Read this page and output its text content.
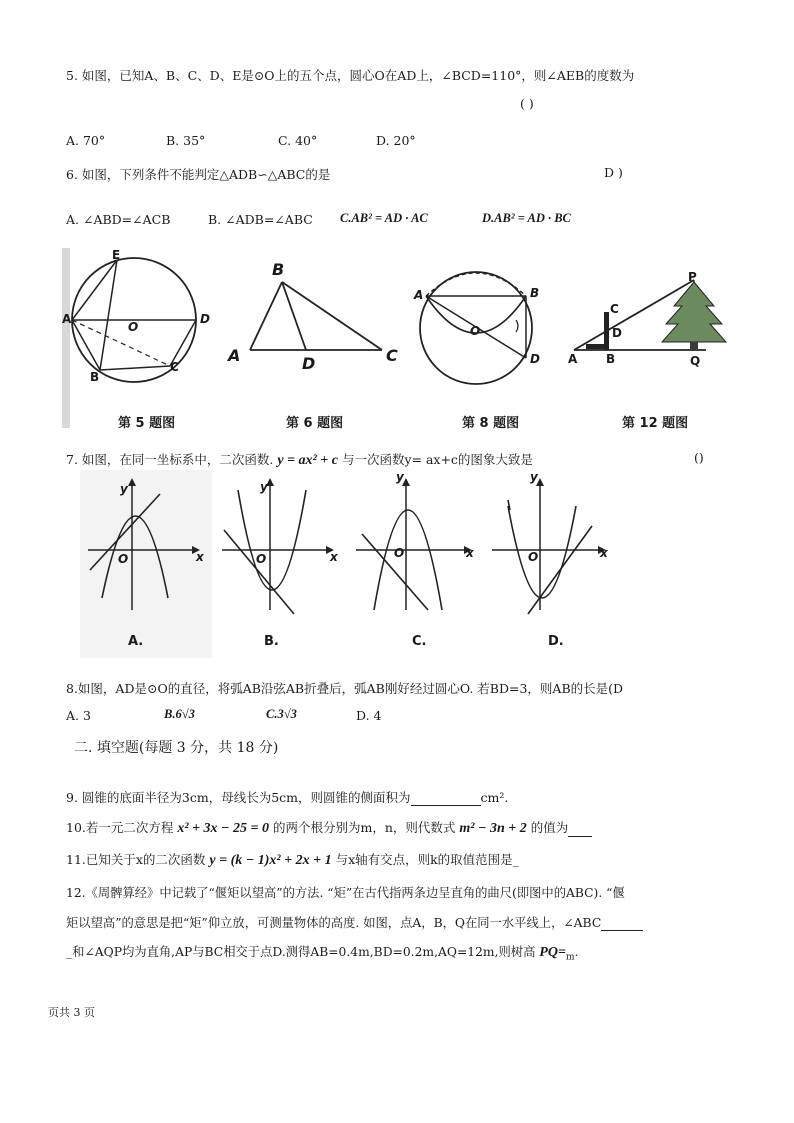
5. 如图，已知A、B、C、D、E是⊙O上的五个点，圆心O在AD上，∠BCD=110°，则∠AEB的度数为
( )
A. 70°	B. 35°	C. 40°	D. 20°
6. 如图，下列条件不能判定△ADB∽△ABC的是	D )
A. ∠ABD=∠ACB	B. ∠ADB=∠ABC C.AB² = AD · AC	D.AB² = AD · BC
E
A
O
D
B
C
第 5 题图
B
A	D	C
第 6 题图
A	B
O
D
第 8 题图
P
C
D
A B	Q
第 12 题图
7. 如图，在同一坐标系中，二次函数. y = ax² + c 与一次函数y= ax+c的图象大致是	()
y
x
O
A.
y
x
O
B.
y
x
O
C.
y
x
O
D.
8.如图，AD是⊙O的直径，将弧AB沿弦AB折叠后，弧AB刚好经过圆心O. 若BD=3，则AB的长是(D
A. 3	B.6√3	C.3√3	D. 4
二. 填空题(每题 3 分，共 18 分)
9. 圆锥的底面半径为3cm，母线长为5cm，则圆锥的侧面积为	cm².
10.若一元二次方程 x² + 3x − 25 = 0 的两个根分别为m，n，则代数式 m² − 3n + 2 的值为
11.已知关于x的二次函数 y = (k − 1)x² + 2x + 1 与x轴有交点，则k的取值范围是_
12.《周髀算经》中记载了“偃矩以望高”的方法. “矩”在古代指两条边呈直角的曲尺(即图中的ABC). “偃
矩以望高”的意思是把“矩”仰立放，可测量物体的高度. 如图，点A，B，Q在同一水平线上，∠ABC
_和∠AQP均为直角,AP与BC相交于点D.测得AB=0.4m,BD=0.2m,AQ=12m,则树高 $PQ=_m$.
页共 3 页
